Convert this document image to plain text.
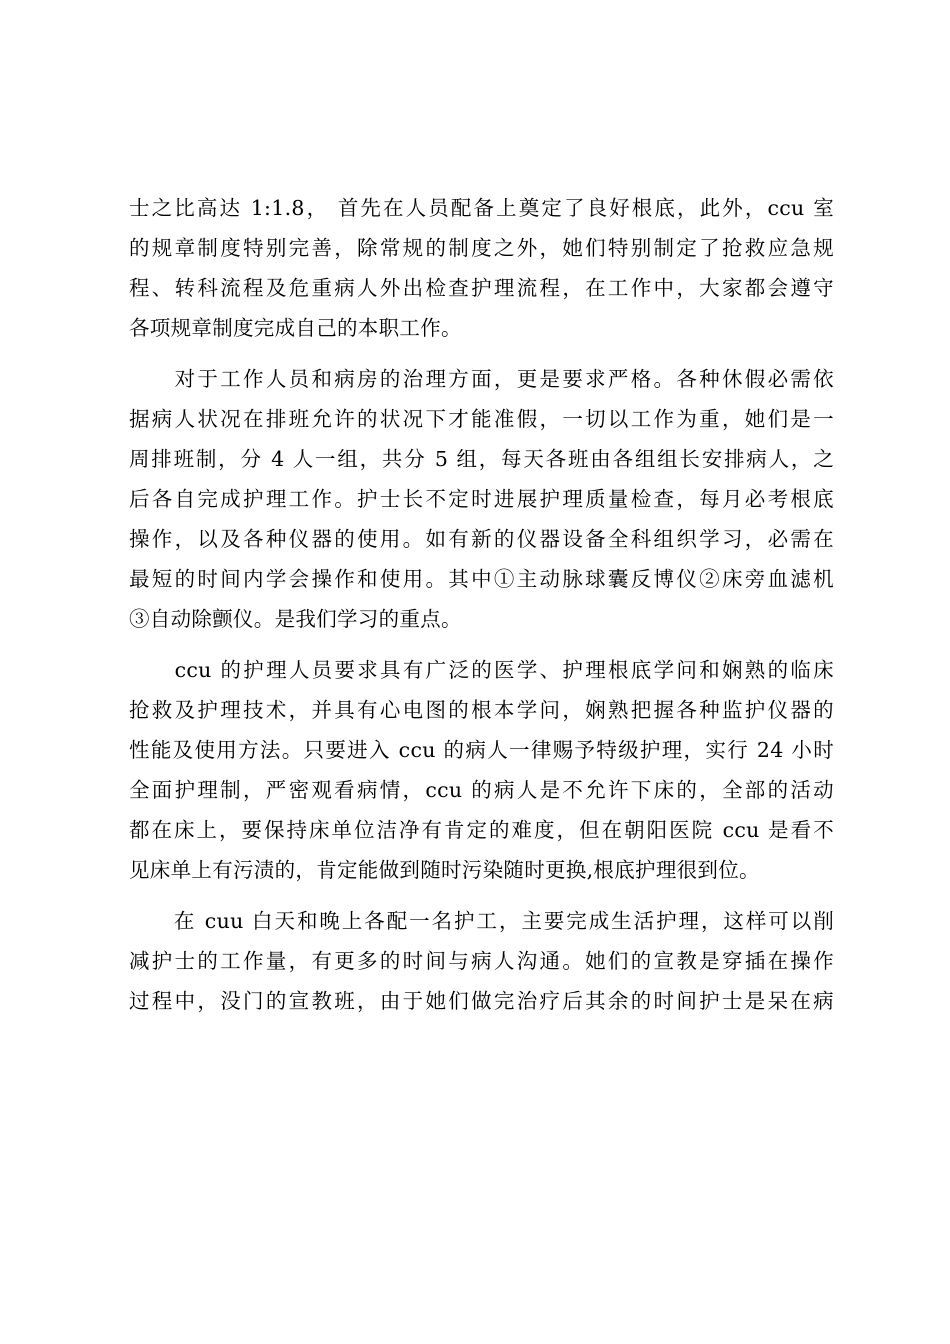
士之比高达 1:1.8， 首先在人员配备上奠定了良好根底，此外，ccu 室
的规章制度特别完善，除常规的制度之外，她们特别制定了抢救应急规
程、转科流程及危重病人外出检查护理流程，在工作中，大家都会遵守
各项规章制度完成自己的本职工作。
　　对于工作人员和病房的治理方面，更是要求严格。各种休假必需依
据病人状况在排班允许的状况下才能准假，一切以工作为重，她们是一
周排班制，分 4 人一组，共分 5 组，每天各班由各组组长安排病人，之
后各自完成护理工作。护士长不定时进展护理质量检查，每月必考根底
操作，以及各种仪器的使用。如有新的仪器设备全科组织学习，必需在
最短的时间内学会操作和使用。其中①主动脉球囊反博仪②床旁血滤机
③自动除颤仪。是我们学习的重点。
　　ccu 的护理人员要求具有广泛的医学、护理根底学问和娴熟的临床
抢救及护理技术，并具有心电图的根本学问，娴熟把握各种监护仪器的
性能及使用方法。只要进入 ccu 的病人一律赐予特级护理，实行 24 小时
全面护理制，严密观看病情，ccu 的病人是不允许下床的，全部的活动
都在床上，要保持床单位洁净有肯定的难度，但在朝阳医院 ccu 是看不
见床单上有污渍的，肯定能做到随时污染随时更换,根底护理很到位。
　　在 cuu 白天和晚上各配一名护工，主要完成生活护理，这样可以削
减护士的工作量，有更多的时间与病人沟通。她们的宣教是穿插在操作
过程中，没门的宣教班，由于她们做完治疗后其余的时间护士是呆在病
